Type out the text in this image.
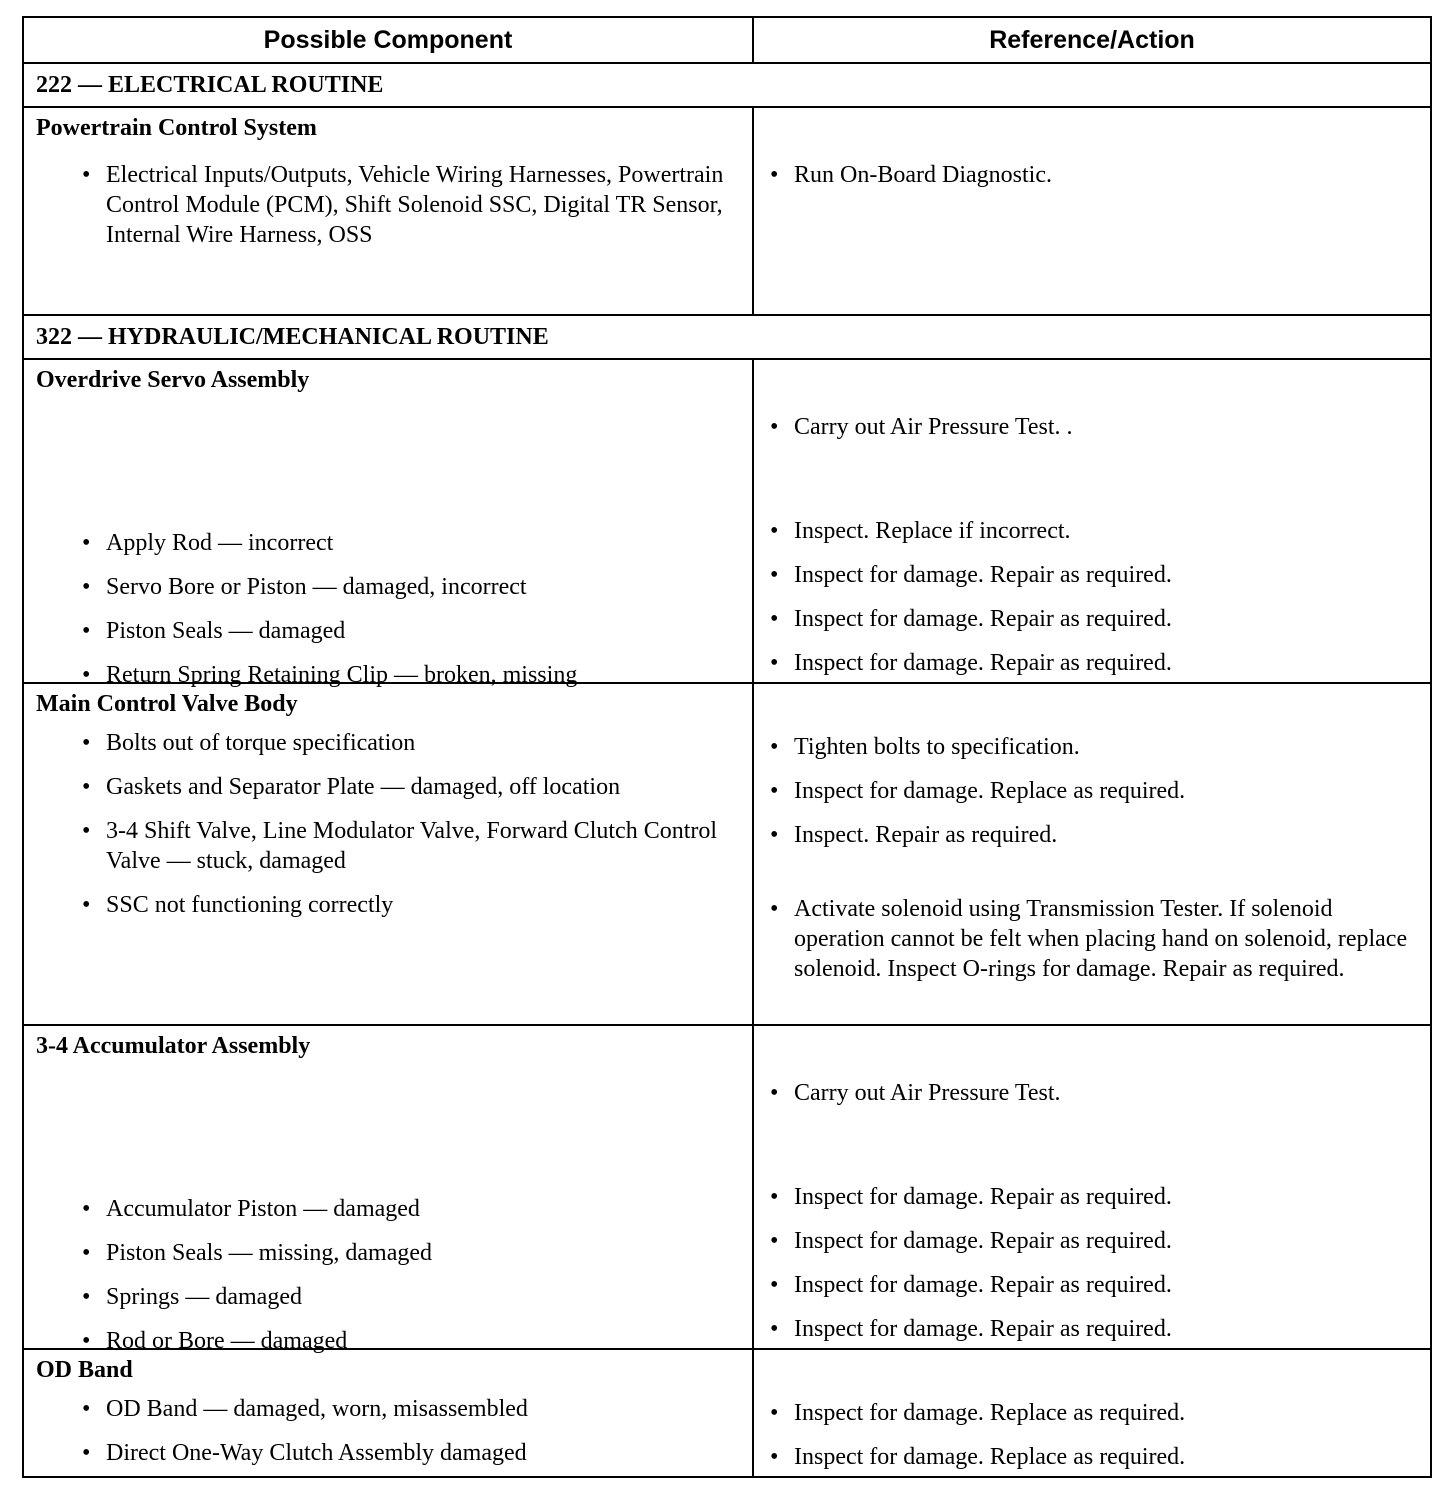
Possible Component	Reference/Action
222 — ELECTRICAL ROUTINE
Powertrain Control System
• Electrical Inputs/Outputs, Vehicle Wiring Harnesses, Powertrain Control Module (PCM), Shift Solenoid SSC, Digital TR Sensor, Internal Wire Harness, OSS
• Run On-Board Diagnostic.
322 — HYDRAULIC/MECHANICAL ROUTINE
Overdrive Servo Assembly
• Apply Rod — incorrect
• Servo Bore or Piston — damaged, incorrect
• Piston Seals — damaged
• Return Spring Retaining Clip — broken, missing
• Carry out Air Pressure Test. .
• Inspect. Replace if incorrect.
• Inspect for damage. Repair as required.
• Inspect for damage. Repair as required.
• Inspect for damage. Repair as required.
Main Control Valve Body
• Bolts out of torque specification
• Gaskets and Separator Plate — damaged, off location
• 3-4 Shift Valve, Line Modulator Valve, Forward Clutch Control Valve — stuck, damaged
• SSC not functioning correctly
• Tighten bolts to specification.
• Inspect for damage. Replace as required.
• Inspect. Repair as required.
• Activate solenoid using Transmission Tester. If solenoid operation cannot be felt when placing hand on solenoid, replace solenoid. Inspect O-rings for damage. Repair as required.
3-4 Accumulator Assembly
• Accumulator Piston — damaged
• Piston Seals — missing, damaged
• Springs — damaged
• Rod or Bore — damaged
• Carry out Air Pressure Test.
• Inspect for damage. Repair as required.
• Inspect for damage. Repair as required.
• Inspect for damage. Repair as required.
• Inspect for damage. Repair as required.
OD Band
• OD Band — damaged, worn, misassembled
• Direct One-Way Clutch Assembly damaged
• Inspect for damage. Replace as required.
• Inspect for damage. Replace as required.
